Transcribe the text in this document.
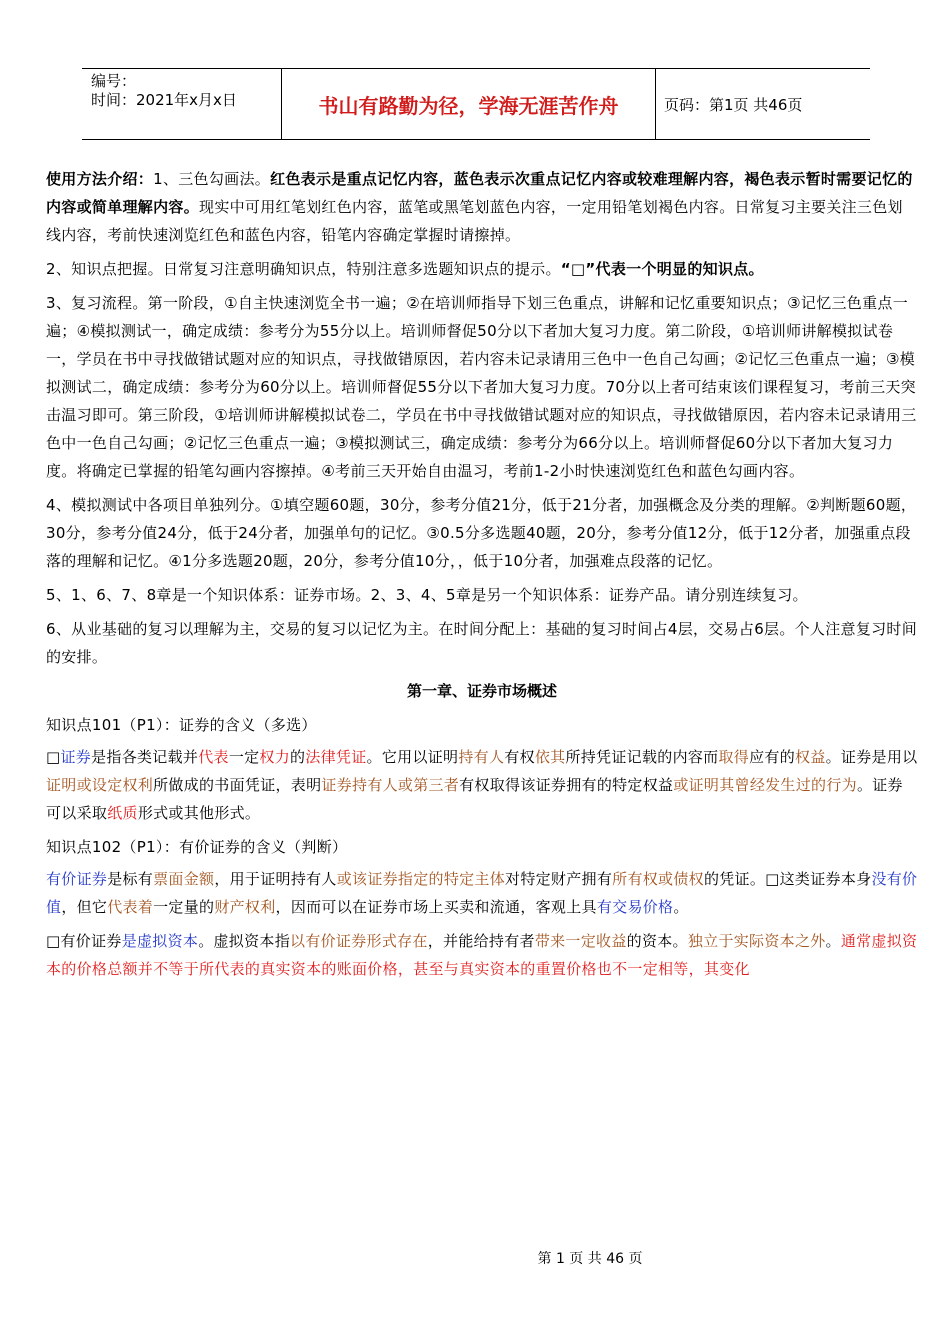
编号：
时间：2021年x月x日	书山有路勤为径，学海无涯苦作舟	页码：第1页 共46页

使用方法介绍：1、三色勾画法。红色表示是重点记忆内容，蓝色表示次重点记忆内容或较难理解内容，褐色表示暂时需要记忆的内容或简单理解内容。现实中可用红笔划红色内容，蓝笔或黑笔划蓝色内容，一定用铅笔划褐色内容。日常复习主要关注三色划线内容，考前快速浏览红色和蓝色内容，铅笔内容确定掌握时请擦掉。

2、知识点把握。日常复习注意明确知识点，特别注意多选题知识点的提示。“□”代表一个明显的知识点。

3、复习流程。第一阶段，①自主快速浏览全书一遍；②在培训师指导下划三色重点，讲解和记忆重要知识点；③记忆三色重点一遍；④模拟测试一，确定成绩：参考分为55分以上。培训师督促50分以下者加大复习力度。第二阶段，①培训师讲解模拟试卷一，学员在书中寻找做错试题对应的知识点，寻找做错原因，若内容未记录请用三色中一色自己勾画；②记忆三色重点一遍；③模拟测试二，确定成绩：参考分为60分以上。培训师督促55分以下者加大复习力度。70分以上者可结束该们课程复习，考前三天突击温习即可。第三阶段，①培训师讲解模拟试卷二，学员在书中寻找做错试题对应的知识点，寻找做错原因，若内容未记录请用三色中一色自己勾画；②记忆三色重点一遍；③模拟测试三，确定成绩：参考分为66分以上。培训师督促60分以下者加大复习力度。将确定已掌握的铅笔勾画内容擦掉。④考前三天开始自由温习，考前1-2小时快速浏览红色和蓝色勾画内容。

4、模拟测试中各项目单独列分。①填空题60题，30分，参考分值21分，低于21分者，加强概念及分类的理解。②判断题60题，30分，参考分值24分，低于24分者，加强单句的记忆。③0.5分多选题40题，20分，参考分值12分，低于12分者，加强重点段落的理解和记忆。④1分多选题20题，20分，参考分值10分，，低于10分者，加强难点段落的记忆。

5、1、6、7、8章是一个知识体系：证券市场。2、3、4、5章是另一个知识体系：证券产品。请分别连续复习。

6、从业基础的复习以理解为主，交易的复习以记忆为主。在时间分配上：基础的复习时间占4层，交易占6层。个人注意复习时间的安排。

第一章、证券市场概述

知识点101（P1）：证券的含义（多选）

□证券是指各类记载并代表一定权力的法律凭证。它用以证明持有人有权依其所持凭证记载的内容而取得应有的权益。证券是用以证明或设定权利所做成的书面凭证，表明证券持有人或第三者有权取得该证券拥有的特定权益或证明其曾经发生过的行为。证券可以采取纸质形式或其他形式。

知识点102（P1）：有价证券的含义（判断）

有价证券是标有票面金额，用于证明持有人或该证券指定的特定主体对特定财产拥有所有权或债权的凭证。□这类证券本身没有价值，但它代表着一定量的财产权利，因而可以在证券市场上买卖和流通，客观上具有交易价格。

□有价证券是虚拟资本。虚拟资本指以有价证券形式存在，并能给持有者带来一定收益的资本。独立于实际资本之外。通常虚拟资本的价格总额并不等于所代表的真实资本的账面价格，甚至与真实资本的重置价格也不一定相等，其变化

第 1 页 共 46 页
